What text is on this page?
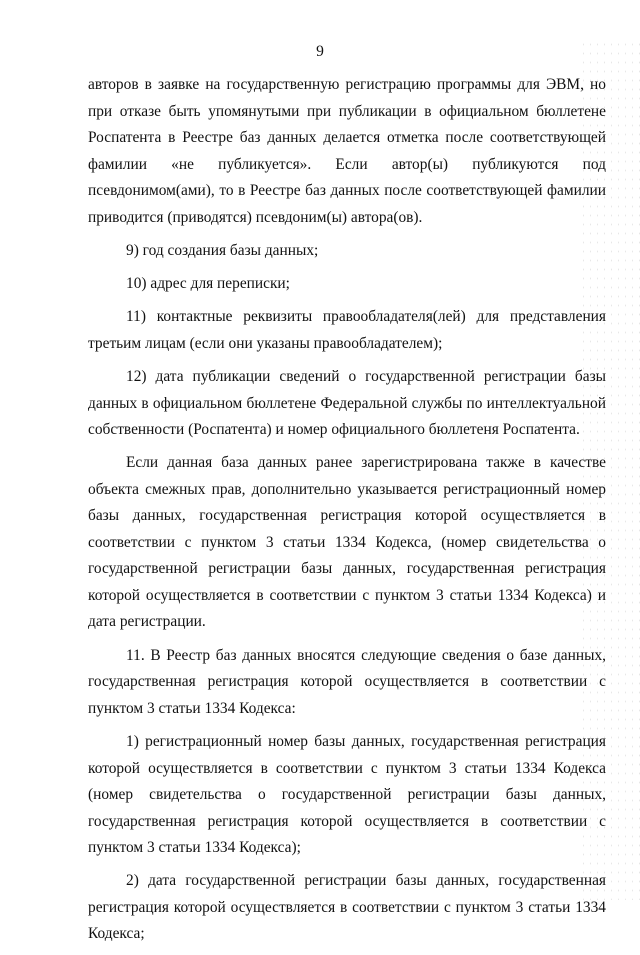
9

авторов в заявке на государственную регистрацию программы для ЭВМ, но при отказе быть упомянутыми при публикации в официальном бюллетене Роспатента в Реестре баз данных делается отметка после соответствующей фамилии «не публикуется». Если автор(ы) публикуются под псевдонимом(ами), то в Реестре баз данных после соответствующей фамилии приводится (приводятся) псевдоним(ы) автора(ов).

9) год создания базы данных;

10) адрес для переписки;

11) контактные реквизиты правообладателя(лей) для представления третьим лицам (если они указаны правообладателем);

12) дата публикации сведений о государственной регистрации базы данных в официальном бюллетене Федеральной службы по интеллектуальной собственности (Роспатента) и номер официального бюллетеня Роспатента.

Если данная база данных ранее зарегистрирована также в качестве объекта смежных прав, дополнительно указывается регистрационный номер базы данных, государственная регистрация которой осуществляется в соответствии с пунктом 3 статьи 1334 Кодекса, (номер свидетельства о государственной регистрации базы данных, государственная регистрация которой осуществляется в соответствии с пунктом 3 статьи 1334 Кодекса) и дата регистрации.

11. В Реестр баз данных вносятся следующие сведения о базе данных, государственная регистрация которой осуществляется в соответствии с пунктом 3 статьи 1334 Кодекса:

1) регистрационный номер базы данных, государственная регистрация которой осуществляется в соответствии с пунктом 3 статьи 1334 Кодекса (номер свидетельства о государственной регистрации базы данных, государственная регистрация которой осуществляется в соответствии с пунктом 3 статьи 1334 Кодекса);

2) дата государственной регистрации базы данных, государственная регистрация которой осуществляется в соответствии с пунктом 3 статьи 1334 Кодекса;
